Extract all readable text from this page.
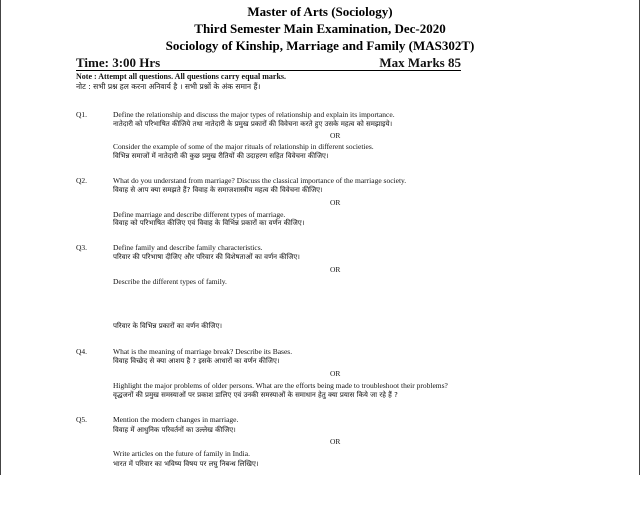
Master of Arts (Sociology)
Third Semester Main Examination, Dec-2020
Sociology of Kinship, Marriage and Family (MAS302T)
Time: 3:00 Hrs	Max Marks 85
Note : Attempt all questions. All questions carry equal marks.
नोट : सभी प्रश्न हल करना अनिवार्य है । सभी प्रश्नों के अंक समान हैं।
Q1.	Define the relationship and discuss the major types of relationship and explain its importance.
नातेदारी को परिभाषित कीजिये तथा नातेदारी के प्रमुख प्रकारों की विवेचना करते हुए उसके महत्व को समझाइये।
OR
Consider the example of some of the major rituals of relationship in different societies.
विभिन्न समाजों में नातेदारी की कुछ प्रमुख रीतियों की उदाहरण सहित विवेचना कीजिए।
Q2.	What do you understand from marriage? Discuss the classical importance of the marriage society.
विवाह से आप क्या समझते हैं? विवाह के समाजशास्त्रीय महत्व की विवेचना कीजिए।
OR
Define marriage and describe different types of marriage.
विवाह को परिभाषित कीजिए एवं विवाह के विभिन्न प्रकारों का वर्णन कीजिए।
Q3.	Define family and describe family characteristics.
परिवार की परिभाषा दीजिए और परिवार की विशेषताओं का वर्णन कीजिए।
OR
Describe the different types of family.
परिवार के विभिन्न प्रकारों का वर्णन कीजिए।
Q4.	What is the meaning of marriage break? Describe its Bases.
विवाह विच्छेद से क्या आशय है ? इसके आधारों का वर्णन कीजिए।
OR
Highlight the major problems of older persons. What are the efforts being made to troubleshoot their problems?
वृद्धजनों की प्रमुख समस्याओं पर प्रकाश डालिए एवं उनकी समस्याओं के समाधान हेतु क्या प्रयास किये जा रहे हैं ?
Q5.	Mention the modern changes in marriage.
विवाह में आधुनिक परिवर्तनों का उल्लेख कीजिए।
OR
Write articles on the future of family in India.
भारत में परिवार का भविष्य विषय पर लघु निबन्ध लिखिए।
